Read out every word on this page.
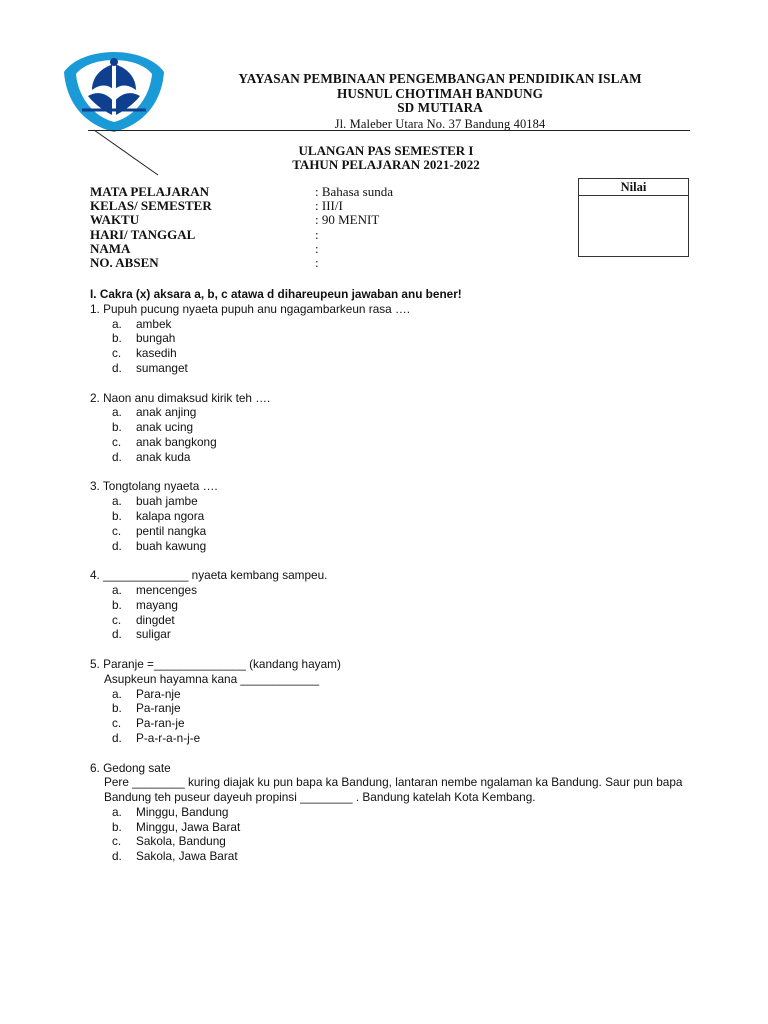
YAYASAN PEMBINAAN PENGEMBANGAN PENDIDIKAN ISLAM
HUSNUL CHOTIMAH BANDUNG
SD MUTIARA
Jl. Maleber Utara No. 37 Bandung 40184
ULANGAN PAS SEMESTER I
TAHUN PELAJARAN 2021-2022
MATA PELAJARAN	: Bahasa sunda
KELAS/ SEMESTER	: III/I
WAKTU	: 90 MENIT
HARI/ TANGGAL	:
NAMA	:
NO. ABSEN	:
Nilai
I. Cakra (x) aksara a, b, c atawa d dihareupeun jawaban anu bener!
1. Pupuh pucung nyaeta pupuh anu ngagambarkeun rasa ….
a.	ambek
b.	bungah
c.	kasedih
d.	sumanget
2. Naon anu dimaksud kirik teh ….
a.	anak anjing
b.	anak ucing
c.	anak bangkong
d.	anak kuda
3. Tongtolang nyaeta ….
a.	buah jambe
b.	kalapa ngora
c.	pentil nangka
d.	buah kawung
4. _____________ nyaeta kembang sampeu.
a.	mencenges
b.	mayang
c.	dingdet
d.	suligar
5. Paranje =______________ (kandang hayam)
Asupkeun hayamna kana ____________
a.	Para-nje
b.	Pa-ranje
c.	Pa-ran-je
d.	P-a-r-a-n-j-e
6. Gedong sate
Pere ________ kuring diajak ku pun bapa ka Bandung, lantaran nembe ngalaman ka Bandung. Saur pun bapa Bandung teh puseur dayeuh propinsi ________ . Bandung katelah Kota Kembang.
a.	Minggu, Bandung
b.	Minggu, Jawa Barat
c.	Sakola, Bandung
d.	Sakola, Jawa Barat
